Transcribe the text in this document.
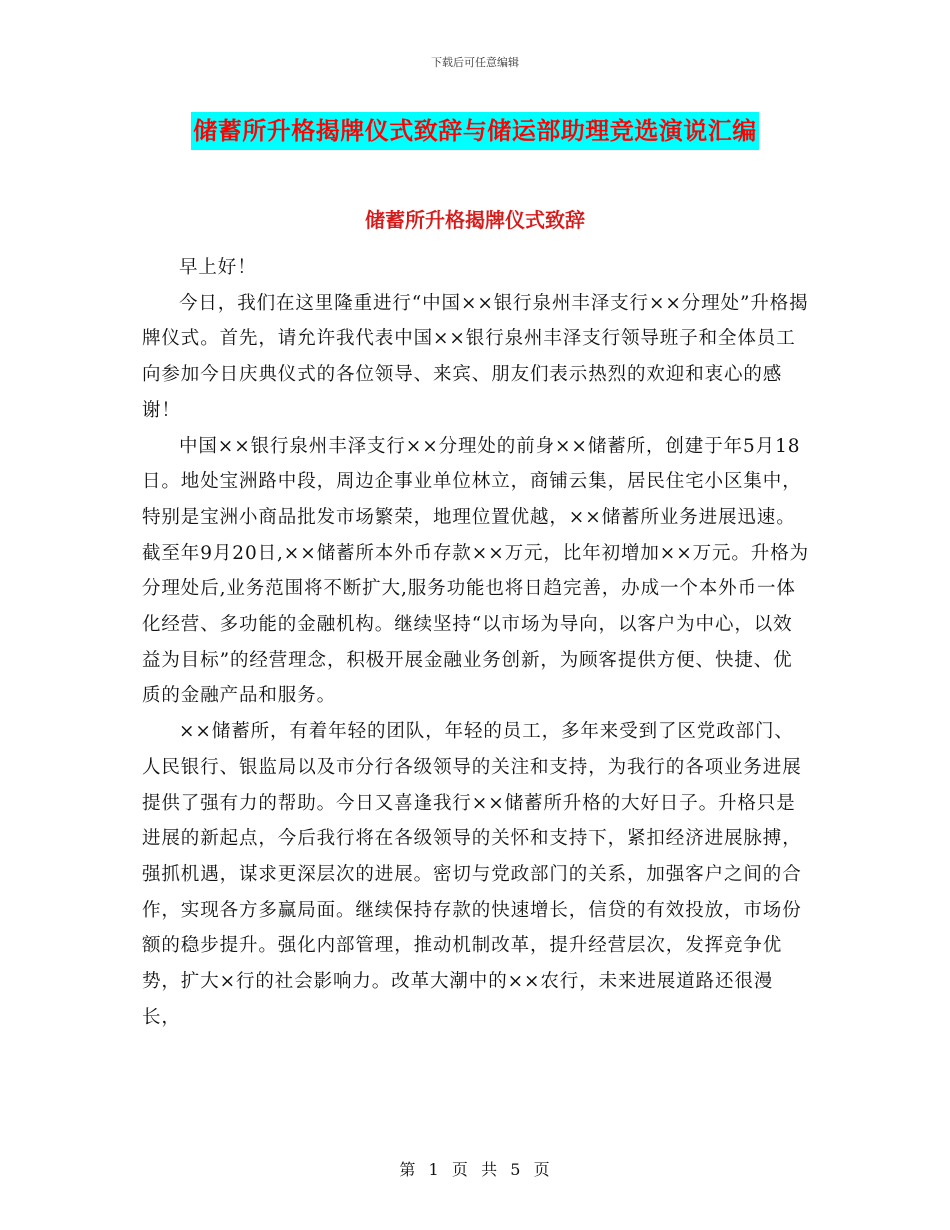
下载后可任意编辑
储蓄所升格揭牌仪式致辞与储运部助理竞选演说汇编
储蓄所升格揭牌仪式致辞

早上好！

今日，我们在这里隆重进行“中国××银行泉州丰泽支行××分理处”升格揭牌仪式。首先，请允许我代表中国××银行泉州丰泽支行领导班子和全体员工向参加今日庆典仪式的各位领导、来宾、朋友们表示热烈的欢迎和衷心的感谢！

中国××银行泉州丰泽支行××分理处的前身××储蓄所，创建于年5月18日。地处宝洲路中段，周边企事业单位林立，商铺云集，居民住宅小区集中，特别是宝洲小商品批发市场繁荣，地理位置优越，××储蓄所业务进展迅速。截至年9月20日,××储蓄所本外币存款××万元，比年初增加××万元。升格为分理处后,业务范围将不断扩大,服务功能也将日趋完善，办成一个本外币一体化经营、多功能的金融机构。继续坚持“以市场为导向，以客户为中心，以效益为目标”的经营理念，积极开展金融业务创新，为顾客提供方便、快捷、优质的金融产品和服务。

××储蓄所，有着年轻的团队，年轻的员工，多年来受到了区党政部门、人民银行、银监局以及市分行各级领导的关注和支持，为我行的各项业务进展提供了强有力的帮助。今日又喜逢我行××储蓄所升格的大好日子。升格只是进展的新起点，今后我行将在各级领导的关怀和支持下，紧扣经济进展脉搏，强抓机遇，谋求更深层次的进展。密切与党政部门的关系，加强客户之间的合作，实现各方多赢局面。继续保持存款的快速增长，信贷的有效投放，市场份额的稳步提升。强化内部管理，推动机制改革，提升经营层次，发挥竞争优势，扩大×行的社会影响力。改革大潮中的××农行，未来进展道路还很漫长，

第  1  页  共  5  页
